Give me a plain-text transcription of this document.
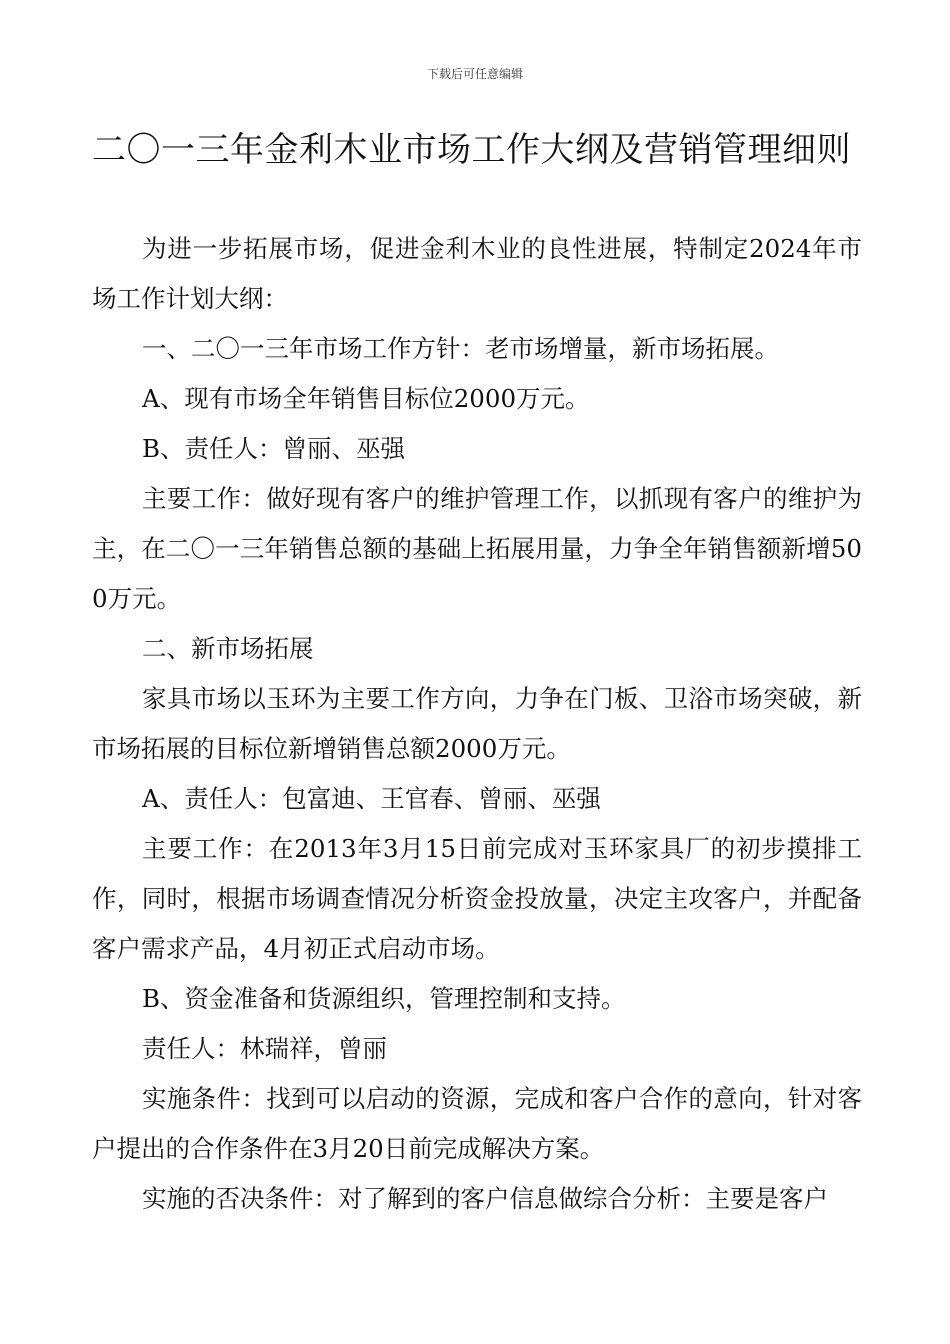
下载后可任意编辑
二〇一三年金利木业市场工作大纲及营销管理细则

为进一步拓展市场，促进金利木业的良性进展，特制定2024年市场工作计划大纲：

一、二〇一三年市场工作方针：老市场增量，新市场拓展。

A、现有市场全年销售目标位2000万元。

B、责任人：曾丽、巫强

主要工作：做好现有客户的维护管理工作，以抓现有客户的维护为主，在二〇一三年销售总额的基础上拓展用量，力争全年销售额新增500万元。

二、新市场拓展

家具市场以玉环为主要工作方向，力争在门板、卫浴市场突破，新市场拓展的目标位新增销售总额2000万元。

A、责任人：包富迪、王官春、曾丽、巫强

主要工作：在2013年3月15日前完成对玉环家具厂的初步摸排工作，同时，根据市场调查情况分析资金投放量，决定主攻客户，并配备客户需求产品，4月初正式启动市场。

B、资金准备和货源组织，管理控制和支持。

责任人：林瑞祥，曾丽

实施条件：找到可以启动的资源，完成和客户合作的意向，针对客户提出的合作条件在3月20日前完成解决方案。

实施的否决条件：对了解到的客户信息做综合分析：主要是客户
